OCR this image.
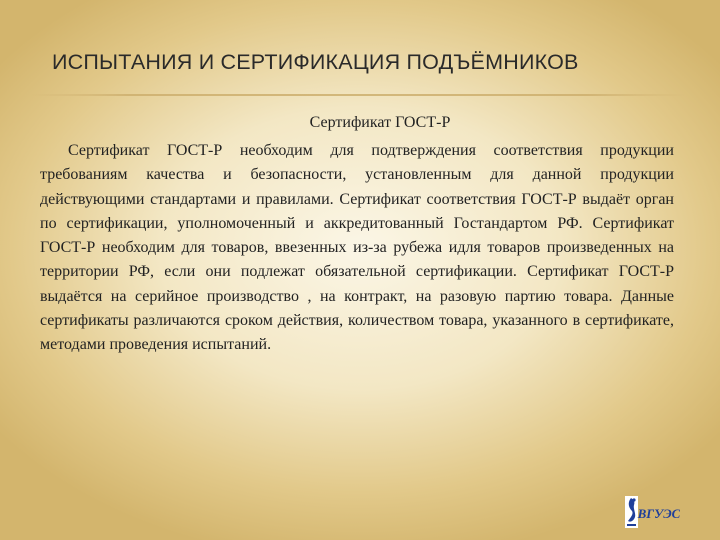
ИСПЫТАНИЯ И СЕРТИФИКАЦИЯ ПОДЪЁМНИКОВ

Сертификат ГОСТ-Р

Сертификат ГОСТ-Р необходим для подтверждения соответствия продукции требованиям качества и безопасности, установленным для данной продукции действующими стандартами и правилами. Сертификат соответствия ГОСТ-Р выдаёт орган по сертификации, уполномоченный и аккредитованный Гостандартом РФ. Сертификат ГОСТ-Р необходим для товаров, ввезенных из-за рубежа идля товаров произведенных на территории РФ, если они подлежат обязательной сертификации. Сертификат ГОСТ-Р выдаётся на серийное производство , на контракт, на разовую партию товара. Данные сертификаты различаются сроком действия, количеством товара, указанного в сертификате, методами проведения испытаний.

ВГУЭС
